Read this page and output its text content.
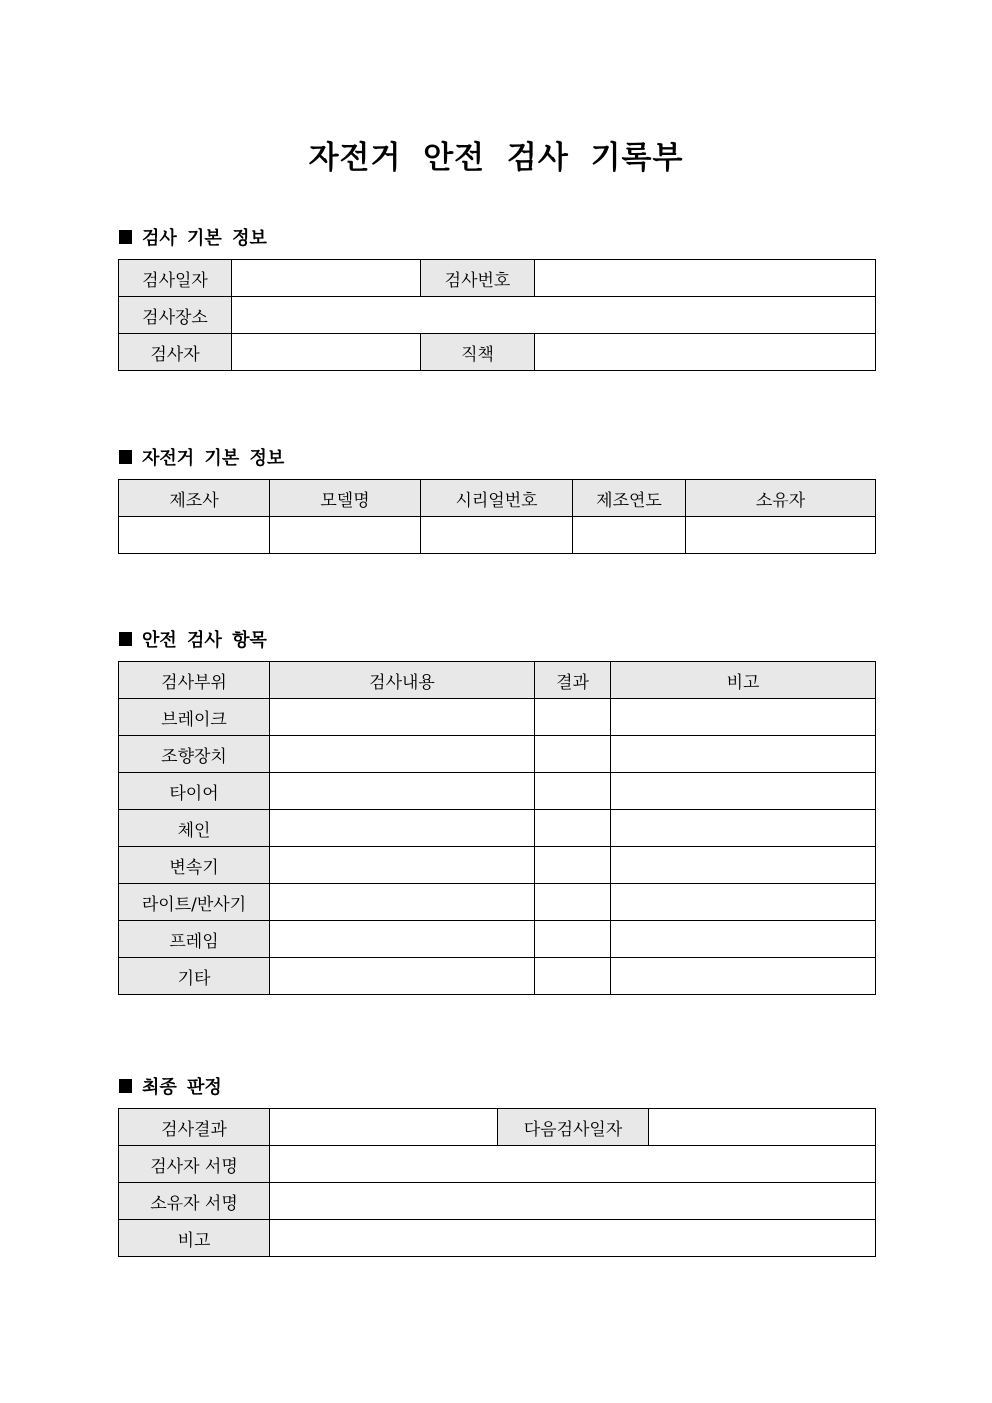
자전거 안전 검사 기록부
검사 기본 정보
검사일자		검사번호	
검사장소			
검사자		직책	
자전거 기본 정보
제조사	모델명	시리얼번호	제조연도	소유자

안전 검사 항목
검사부위	검사내용	결과	비고
브레이크			
조향장치			
타이어			
체인			
변속기			
라이트/반사기			
프레임			
기타			
최종 판정
검사결과		다음검사일자	
검사자 서명			
소유자 서명			
비고			
